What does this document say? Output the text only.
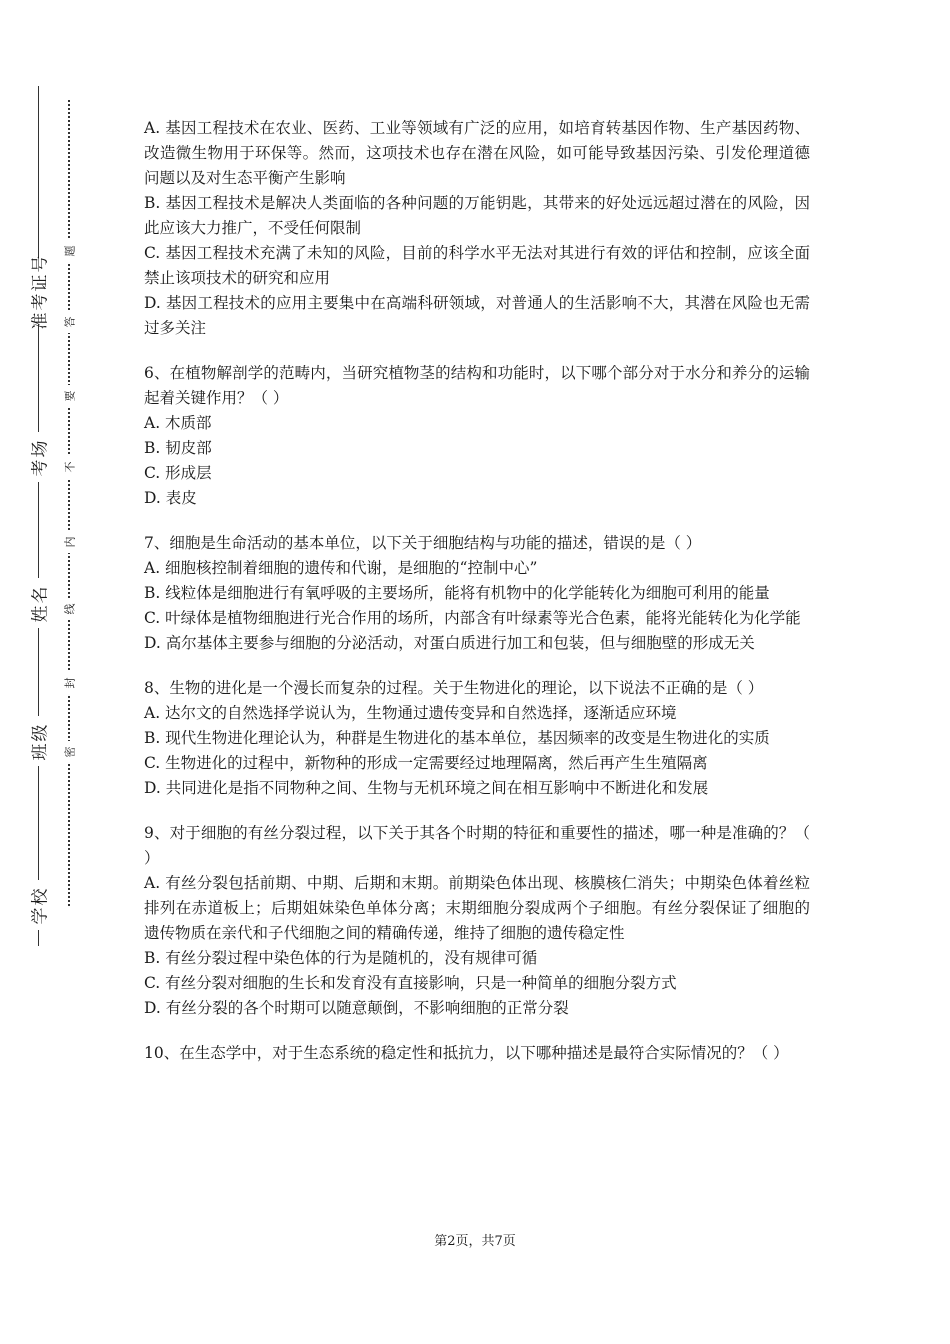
学校
班级
姓名
考场
准考证号
密
封
线
内
不
要
答
题

A. 基因工程技术在农业、医药、工业等领域有广泛的应用，如培育转基因作物、生产基因药物、改造微生物用于环保等。然而，这项技术也存在潜在风险，如可能导致基因污染、引发伦理道德问题以及对生态平衡产生影响

B. 基因工程技术是解决人类面临的各种问题的万能钥匙，其带来的好处远远超过潜在的风险，因此应该大力推广，不受任何限制

C. 基因工程技术充满了未知的风险，目前的科学水平无法对其进行有效的评估和控制，应该全面禁止该项技术的研究和应用

D. 基因工程技术的应用主要集中在高端科研领域，对普通人的生活影响不大，其潜在风险也无需过多关注

6、在植物解剖学的范畴内，当研究植物茎的结构和功能时，以下哪个部分对于水分和养分的运输起着关键作用？（ ）

A. 木质部

B. 韧皮部

C. 形成层

D. 表皮

7、细胞是生命活动的基本单位，以下关于细胞结构与功能的描述，错误的是（ ）

A. 细胞核控制着细胞的遗传和代谢，是细胞的“控制中心”

B. 线粒体是细胞进行有氧呼吸的主要场所，能将有机物中的化学能转化为细胞可利用的能量

C. 叶绿体是植物细胞进行光合作用的场所，内部含有叶绿素等光合色素，能将光能转化为化学能

D. 高尔基体主要参与细胞的分泌活动，对蛋白质进行加工和包装，但与细胞壁的形成无关

8、生物的进化是一个漫长而复杂的过程。关于生物进化的理论，以下说法不正确的是（ ）

A. 达尔文的自然选择学说认为，生物通过遗传变异和自然选择，逐渐适应环境

B. 现代生物进化理论认为，种群是生物进化的基本单位，基因频率的改变是生物进化的实质

C. 生物进化的过程中，新物种的形成一定需要经过地理隔离，然后再产生生殖隔离

D. 共同进化是指不同物种之间、生物与无机环境之间在相互影响中不断进化和发展

9、对于细胞的有丝分裂过程，以下关于其各个时期的特征和重要性的描述，哪一种是准确的？（ ）

A. 有丝分裂包括前期、中期、后期和末期。前期染色体出现、核膜核仁消失；中期染色体着丝粒排列在赤道板上；后期姐妹染色单体分离；末期细胞分裂成两个子细胞。有丝分裂保证了细胞的遗传物质在亲代和子代细胞之间的精确传递，维持了细胞的遗传稳定性

B. 有丝分裂过程中染色体的行为是随机的，没有规律可循

C. 有丝分裂对细胞的生长和发育没有直接影响，只是一种简单的细胞分裂方式

D. 有丝分裂的各个时期可以随意颠倒，不影响细胞的正常分裂

10、在生态学中，对于生态系统的稳定性和抵抗力，以下哪种描述是最符合实际情况的？（ ）

第2页，共7页
